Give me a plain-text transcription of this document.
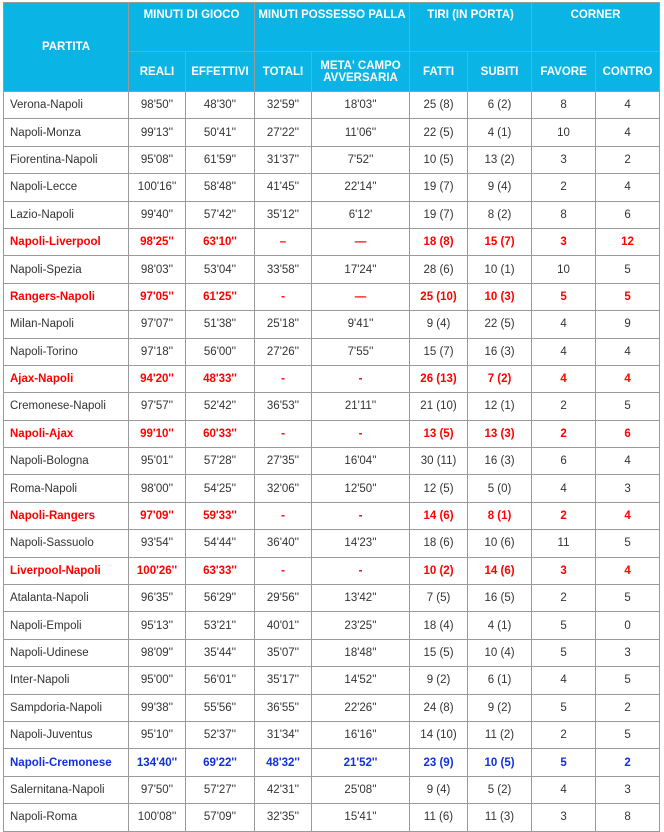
PARTITA	MINUTI DI GIOCO		MINUTI POSSESSO PALLA		TIRI (IN PORTA)		CORNER	
	REALI	EFFETTIVI	TOTALI	META' CAMPO AVVERSARIA	FATTI	SUBITI	FAVORE	CONTRO
Verona-Napoli	98'50''	48'30''	32'59''	18'03''	25 (8)	6 (2)	8	4
Napoli-Monza	99'13''	50'41''	27'22''	11'06''	22 (5)	4 (1)	10	4
Fiorentina-Napoli	95'08''	61'59''	31'37''	7'52''	10 (5)	13 (2)	3	2
Napoli-Lecce	100'16''	58'48''	41'45''	22'14''	19 (7)	9 (4)	2	4
Lazio-Napoli	99'40''	57'42''	35'12''	6'12'	19 (7)	8 (2)	8	6
Napoli-Liverpool	98'25''	63'10''	–	—	18 (8)	15 (7)	3	12
Napoli-Spezia	98'03''	53'04''	33'58''	17'24''	28 (6)	10 (1)	10	5
Rangers-Napoli	97'05''	61'25''	-	—	25 (10)	10 (3)	5	5
Milan-Napoli	97'07''	51'38''	25'18''	9'41''	9 (4)	22 (5)	4	9
Napoli-Torino	97'18''	56'00''	27'26''	7'55''	15 (7)	16 (3)	4	4
Ajax-Napoli	94'20''	48'33''	-	-	26 (13)	7 (2)	4	4
Cremonese-Napoli	97'57''	52'42''	36'53''	21'11''	21 (10)	12 (1)	2	5
Napoli-Ajax	99'10''	60'33''	-	-	13 (5)	13 (3)	2	6
Napoli-Bologna	95'01''	57'28''	27'35''	16'04''	30 (11)	16 (3)	6	4
Roma-Napoli	98'00''	54'25''	32'06''	12'50''	12 (5)	5 (0)	4	3
Napoli-Rangers	97'09''	59'33''	-	-	14 (6)	8 (1)	2	4
Napoli-Sassuolo	93'54''	54'44''	36'40''	14'23''	18 (6)	10 (6)	11	5
Liverpool-Napoli	100'26''	63'33''	-	-	10 (2)	14 (6)	3	4
Atalanta-Napoli	96'35''	56'29''	29'56''	13'42''	7 (5)	16 (5)	2	5
Napoli-Empoli	95'13''	53'21''	40'01''	23'25''	18 (4)	4 (1)	5	0
Napoli-Udinese	98'09''	35'44''	35'07''	18'48''	15 (5)	10 (4)	5	3
Inter-Napoli	95'00''	56'01''	35'17''	14'52''	9 (2)	6 (1)	4	5
Sampdoria-Napoli	99'38''	55'56''	36'55''	22'26''	24 (8)	9 (2)	5	2
Napoli-Juventus	95'10''	52'37''	31'34''	16'16''	14 (10)	11 (2)	2	5
Napoli-Cremonese	134'40''	69'22''	48'32''	21'52''	23 (9)	10 (5)	5	2
Salernitana-Napoli	97'50''	57'27''	42'31''	25'08''	9 (4)	5 (2)	4	3
Napoli-Roma	100'08''	57'09''	32'35''	15'41''	11 (6)	11 (3)	3	8
